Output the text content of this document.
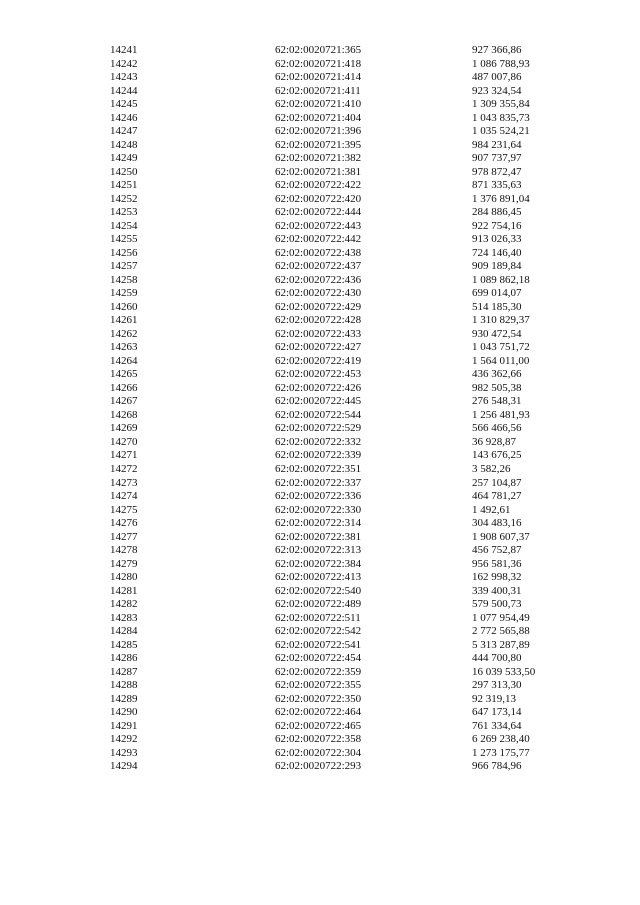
14241	62:02:0020721:365	927 366,86
14242	62:02:0020721:418	1 086 788,93
14243	62:02:0020721:414	487 007,86
14244	62:02:0020721:411	923 324,54
14245	62:02:0020721:410	1 309 355,84
14246	62:02:0020721:404	1 043 835,73
14247	62:02:0020721:396	1 035 524,21
14248	62:02:0020721:395	984 231,64
14249	62:02:0020721:382	907 737,97
14250	62:02:0020721:381	978 872,47
14251	62:02:0020722:422	871 335,63
14252	62:02:0020722:420	1 376 891,04
14253	62:02:0020722:444	284 886,45
14254	62:02:0020722:443	922 754,16
14255	62:02:0020722:442	913 026,33
14256	62:02:0020722:438	724 146,40
14257	62:02:0020722:437	909 189,84
14258	62:02:0020722:436	1 089 862,18
14259	62:02:0020722:430	699 014,07
14260	62:02:0020722:429	514 185,30
14261	62:02:0020722:428	1 310 829,37
14262	62:02:0020722:433	930 472,54
14263	62:02:0020722:427	1 043 751,72
14264	62:02:0020722:419	1 564 011,00
14265	62:02:0020722:453	436 362,66
14266	62:02:0020722:426	982 505,38
14267	62:02:0020722:445	276 548,31
14268	62:02:0020722:544	1 256 481,93
14269	62:02:0020722:529	566 466,56
14270	62:02:0020722:332	36 928,87
14271	62:02:0020722:339	143 676,25
14272	62:02:0020722:351	3 582,26
14273	62:02:0020722:337	257 104,87
14274	62:02:0020722:336	464 781,27
14275	62:02:0020722:330	1 492,61
14276	62:02:0020722:314	304 483,16
14277	62:02:0020722:381	1 908 607,37
14278	62:02:0020722:313	456 752,87
14279	62:02:0020722:384	956 581,36
14280	62:02:0020722:413	162 998,32
14281	62:02:0020722:540	339 400,31
14282	62:02:0020722:489	579 500,73
14283	62:02:0020722:511	1 077 954,49
14284	62:02:0020722:542	2 772 565,88
14285	62:02:0020722:541	5 313 287,89
14286	62:02:0020722:454	444 700,80
14287	62:02:0020722:359	16 039 533,50
14288	62:02:0020722:355	297 313,30
14289	62:02:0020722:350	92 319,13
14290	62:02:0020722:464	647 173,14
14291	62:02:0020722:465	761 334,64
14292	62:02:0020722:358	6 269 238,40
14293	62:02:0020722:304	1 273 175,77
14294	62:02:0020722:293	966 784,96
